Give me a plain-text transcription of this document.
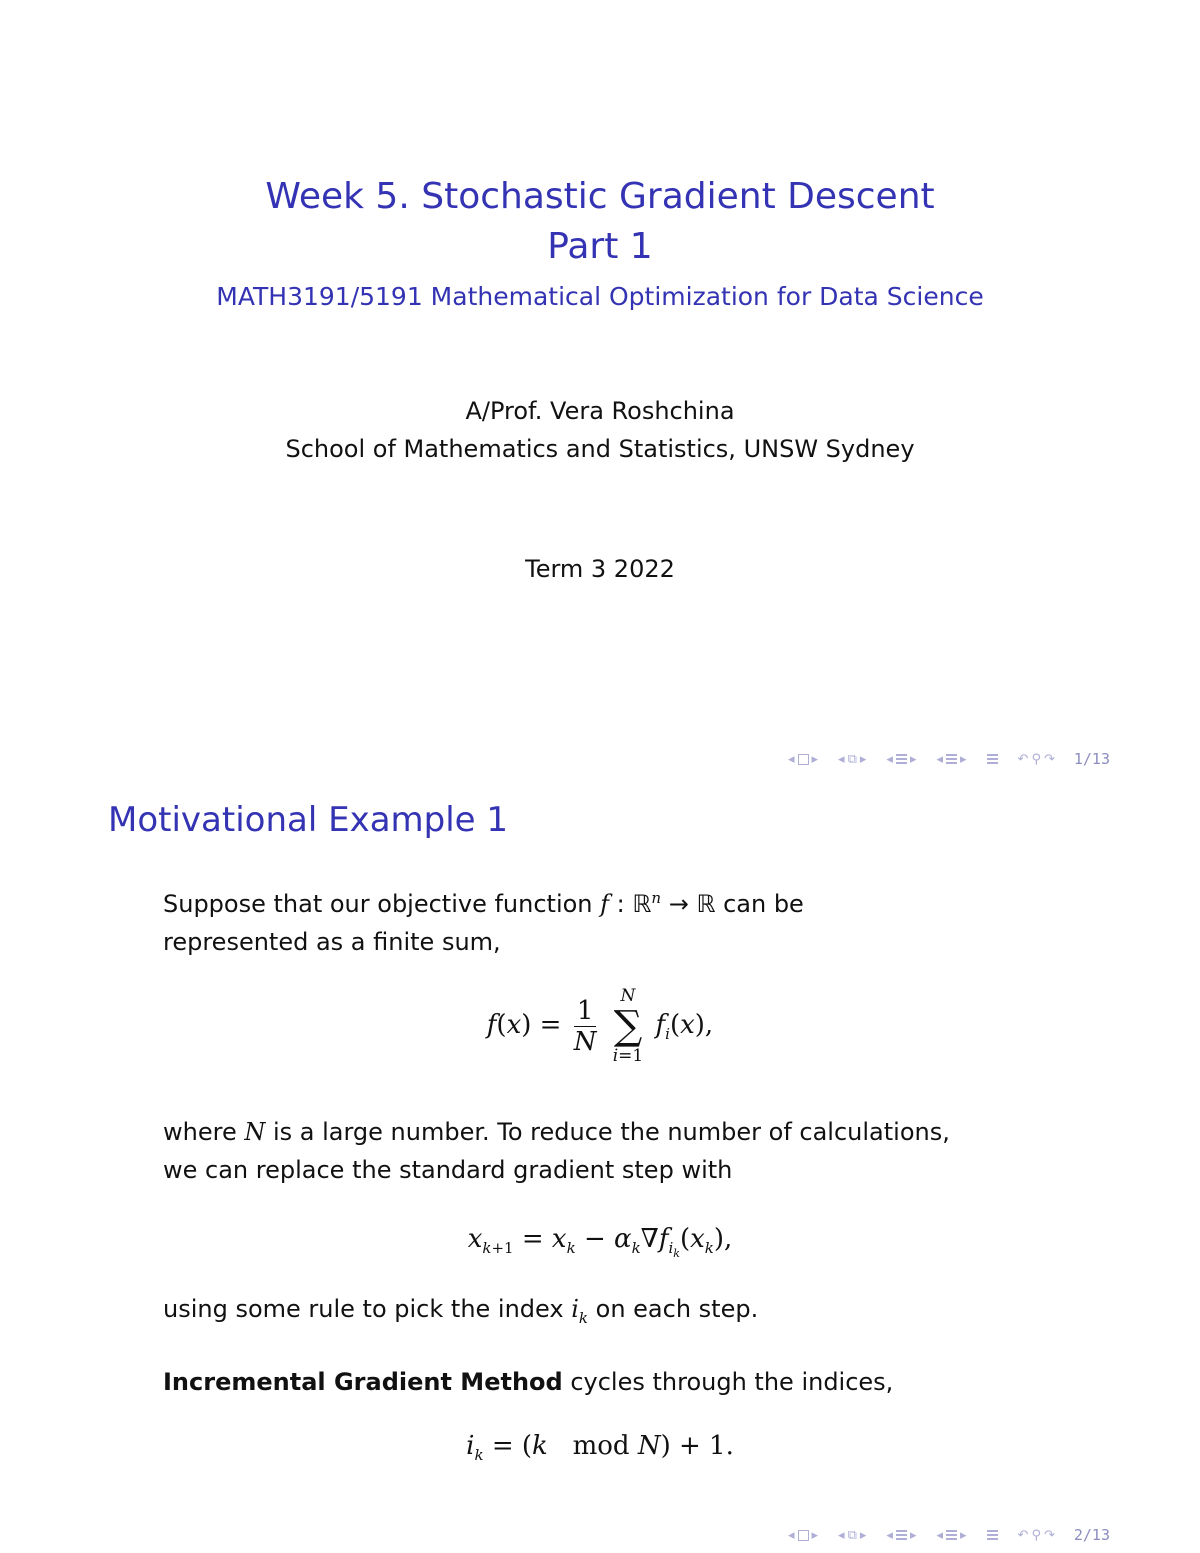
Week 5. Stochastic Gradient Descent
Part 1
MATH3191/5191 Mathematical Optimization for Data Science
A/Prof. Vera Roshchina
School of Mathematics and Statistics, UNSW Sydney
Term 3 2022
◂ ▸ ◂ ⧉ ▸ ◂ ▸ ◂ ▸	↶ ⚲ ↷ 1/13
Motivational Example 1
Suppose that our objective function f : ℝ$^n$ → ℝ can be
represented as a finite sum,
$f(x) = \frac{1}{N}$
N
∑
i=1
$f_i(x)$,
where N is a large number. To reduce the number of calculations,
we can replace the standard gradient step with
$x_{k+1} = x_k - \alpha_k\nabla f_{i_k}(x_k)$,
using some rule to pick the index $i_k$ on each step.
Incremental Gradient Method cycles through the indices,
$i_k = (k$ mod N) + 1.
◂ ▸ ◂ ⧉ ▸ ◂ ▸ ◂ ▸	↶ ⚲ ↷ 2/13
